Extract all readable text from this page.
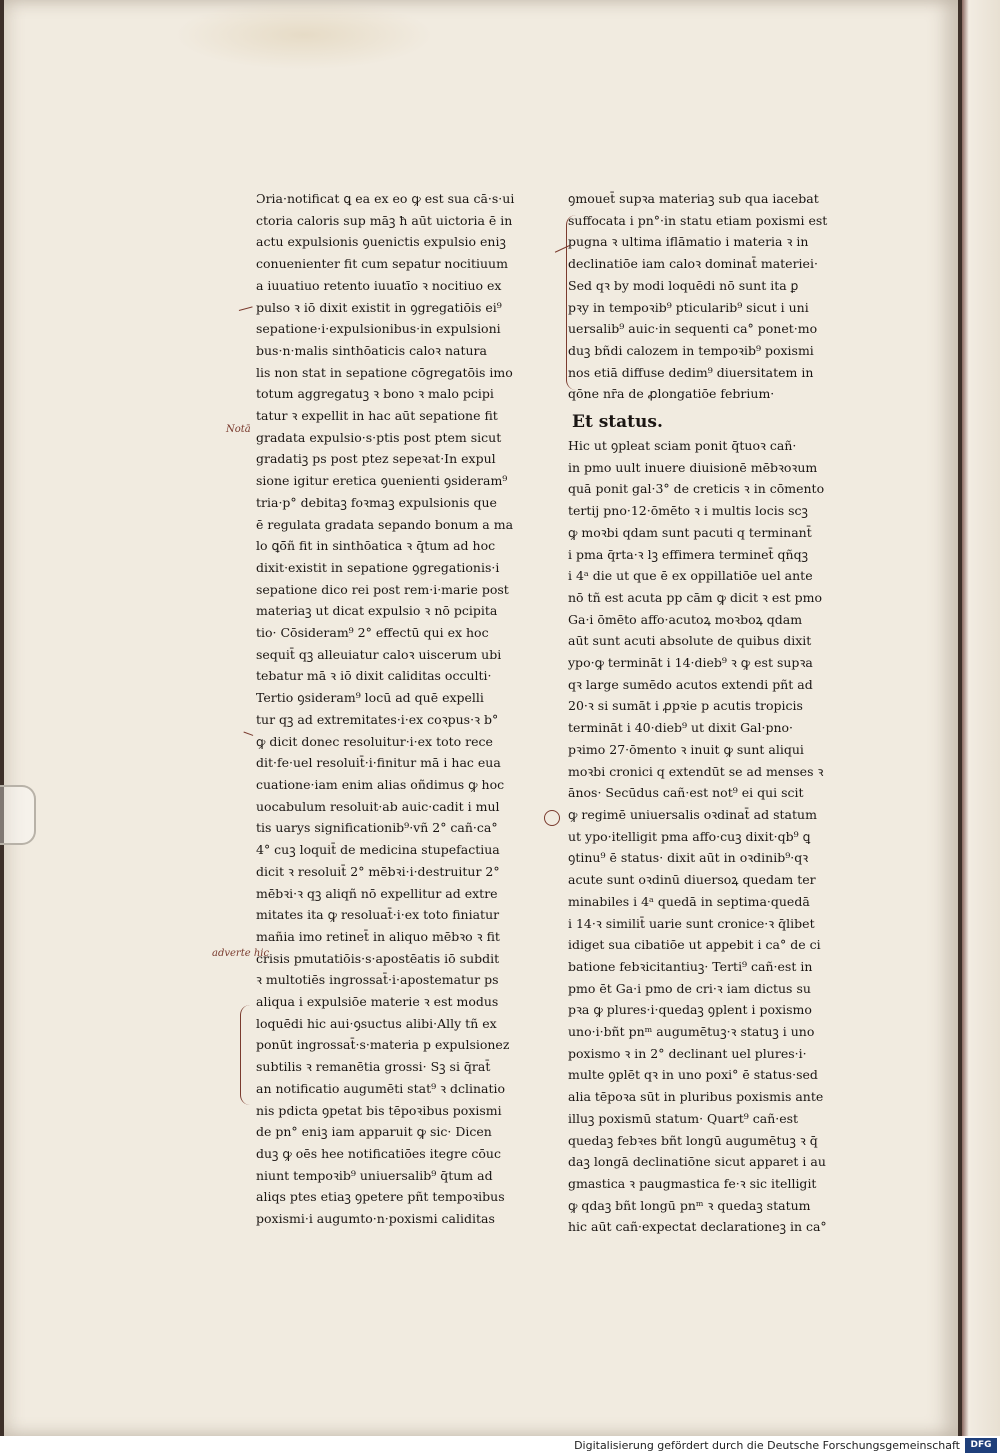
Ɔria·notificat ꝗ ea ex eo ꝙ est sua cā·s·ui

ctoria caloris sup māꝫ ħ aūt uictoria ē in

actu expulsionis ꝯuenictis expulsio eniꝫ

conuenienter fit cum sepatur nocitiuum

a iuuatiuo retento iuuatīo ꝛ nocitiuo ex

pulso ꝛ iō dixit existit in ꝯgregatiōis ei⁹

sepatione·i·expulsionibus·in expulsioni

bus·n·malis sinthōaticis caloꝛ natura

lis non stat in sepatione cōgregatōis imo

totum aggregatuꝫ ꝛ bono ꝛ malo pcipi

tatur ꝛ expellit in hac aūt sepatione fit

gradata expulsio·s·ptis post ptem sicut

gradatiꝫ ps post ptez sepeꝛat·In expul

sione igitur eretica ꝯuenienti ꝯsideram⁹

tria·p° debitaꝫ foꝛmaꝫ expulsionis que

ē regulata gradata sepando bonum a ma

lo ꝗō̄ñ fit in sinthōatica ꝛ q̄tum ad hoc

dixit·existit in sepatione ꝯgregationis·i

sepatione dico rei post rem·i·marie post

materiaꝫ ut dicat expulsio ꝛ nō pcipita

tio· Cōsideram⁹ 2° effectū qui ex hoc

sequit̄ qꝫ alleuiatur caloꝛ uiscerum ubi

tebatur mā ꝛ iō dixit caliditas occulti·

Tertio ꝯsideram⁹ locū ad quē expelli

tur qꝫ ad extremitates·i·ex coꝛpus·ꝛ b°

ꝙ dicit donec resoluitur·i·ex toto rece

dit·fe·uel resoluit̄·i·finitur mā i hac eua

cuatione·iam enim alias oñdimus ꝙ hoc

uocabulum resoluit·ab auic·cadit i mul

tis uarys significationib⁹·vñ 2° cañ·ca°

4° cuꝫ loquit̄ de medicina stupefactiua

dicit ꝛ resoluit̄ 2° mēbꝛi·i·destruitur 2°

mēbꝛi·ꝛ qꝫ aliqñ nō expellitur ad extre

mitates ita ꝙ resoluat̄·i·ex toto finiatur

mañia imo retinet̄ in aliquo mēbꝛo ꝛ fit

crisis pmutatiōis·s·apostēatis iō subdit

ꝛ multotiēs ingrossat̄·i·apostematur ps

aliqua i expulsiōe materie ꝛ est modus

loquēdi hic aui·ꝯsuctus alibi·Ally tñ ex

ponūt ingrossat̄·s·materia p expulsionez

subtilis ꝛ remanētia grossi· Sꝫ si q̄rat̄

an notificatio augumēti stat⁹ ꝛ dclinatio

nis pdicta ꝯpetat bis tēpoꝛibus poxismi

de pn° eniꝫ iam apparuit ꝙ sic· Dicen

duꝫ ꝙ oēs hee notificatiōes itegre cōuc

niunt tempoꝛib⁹ uniuersalib⁹ q̄tum ad

aliqs ptes etiaꝫ ꝯpetere pñt tempoꝛibus

poxismi·i augumto·n·poxismi caliditas

ꝯmouet̄ supꝛa materiaꝫ sub qua iacebat

suffocata i pn°·in statu etiam poxismi est

pugna ꝛ ultima iflāmatio i materia ꝛ in

declinatiōe iam caloꝛ dominat̄ materiei·

Sed qꝛ by modi loquēdi nō sunt ita ꝑ

pꝛy in tempoꝛib⁹ pticularib⁹ sicut i uni

uersalib⁹ auic·in sequenti ca° ponet·mo

duꝫ bñdi calozem in tempoꝛib⁹ poxismi

nos etiā diffuse dedim⁹ diuersitatem in

qōne nr̄a de ꝓlongatiōe febrium·

Et status.

Hic ut ꝯpleat sciam ponit q̄tuoꝛ cañ·

in pmo uult inuere diuisionē mēbꝛoꝛum

quā ponit gal·3° de creticis ꝛ in cōmento

tertij pno·12·ōmēto ꝛ i multis locis scꝫ

ꝙ moꝛbi qdam sunt pacuti q terminant̄

i pma q̄rta·ꝛ lꝫ effimera terminet̄ qñqꝫ

i 4ᵃ die ut que ē ex oppillatiōe uel ante

nō tñ est acuta pp cām ꝙ dicit ꝛ est pmo

Ga·i ōmēto affo·acutoꝝ moꝛboꝝ qdam

aūt sunt acuti absolute de quibus dixit

ypo·ꝙ termināt i 14·dieb⁹ ꝛ ꝙ est supꝛa

qꝛ large sumēdo acutos extendi pñt ad

20·ꝛ si sumāt i ꝓpꝛie p acutis tropicis

termināt i 40·dieb⁹ ut dixit Gal·pno·

pꝛimo 27·ōmento ꝛ inuit ꝙ sunt aliqui

moꝛbi cronici q extendūt se ad menses ꝛ

ānos· Secūdus cañ·est not⁹ ei qui scit

ꝙ regimē uniuersalis oꝛdinat̄ ad statum

ut ypo·itelligit pma affo·cuꝫ dixit·qb⁹ ꝗ

ꝯtinu⁹ ē status· dixit aūt in oꝛdinib⁹·qꝛ

acute sunt oꝛdinū diuersoꝝ quedam ter

minabiles i 4ᵃ quedā in septima·quedā

i 14·ꝛ similit̄ uarie sunt cronice·ꝛ q̄libet

idiget sua cibatiōe ut appebit i ca° de ci

batione febꝛicitantiuꝫ· Terti⁹ cañ·est in

pmo ēt Ga·i pmo de cri·ꝛ iam dictus su

pꝛa ꝙ plures·i·quedaꝫ ꝯplent i poxismo

uno·i·bñt pnᵐ augumētuꝫ·ꝛ statuꝫ i uno

poxismo ꝛ in 2° declinant uel plures·i·

multe ꝯplēt qꝛ in uno poxi° ē status·sed

alia tēpoꝛa sūt in pluribus poxismis ante

illuꝫ poxismū statum· Quart⁹ cañ·est

quedaꝫ febꝛes bñt longū augumētuꝫ ꝛ q̄

daꝫ longā declinatiōne sicut apparet i au

gmastica ꝛ paugmastica fe·ꝛ sic itelligit

ꝙ qdaꝫ bñt longū pnᵐ ꝛ quedaꝫ statum

hic aūt cañ·expectat declarationeꝫ in ca°

Notā
adverte hic
Digitalisierung gefördert durch die Deutsche Forschungsgemeinschaft	DFG
